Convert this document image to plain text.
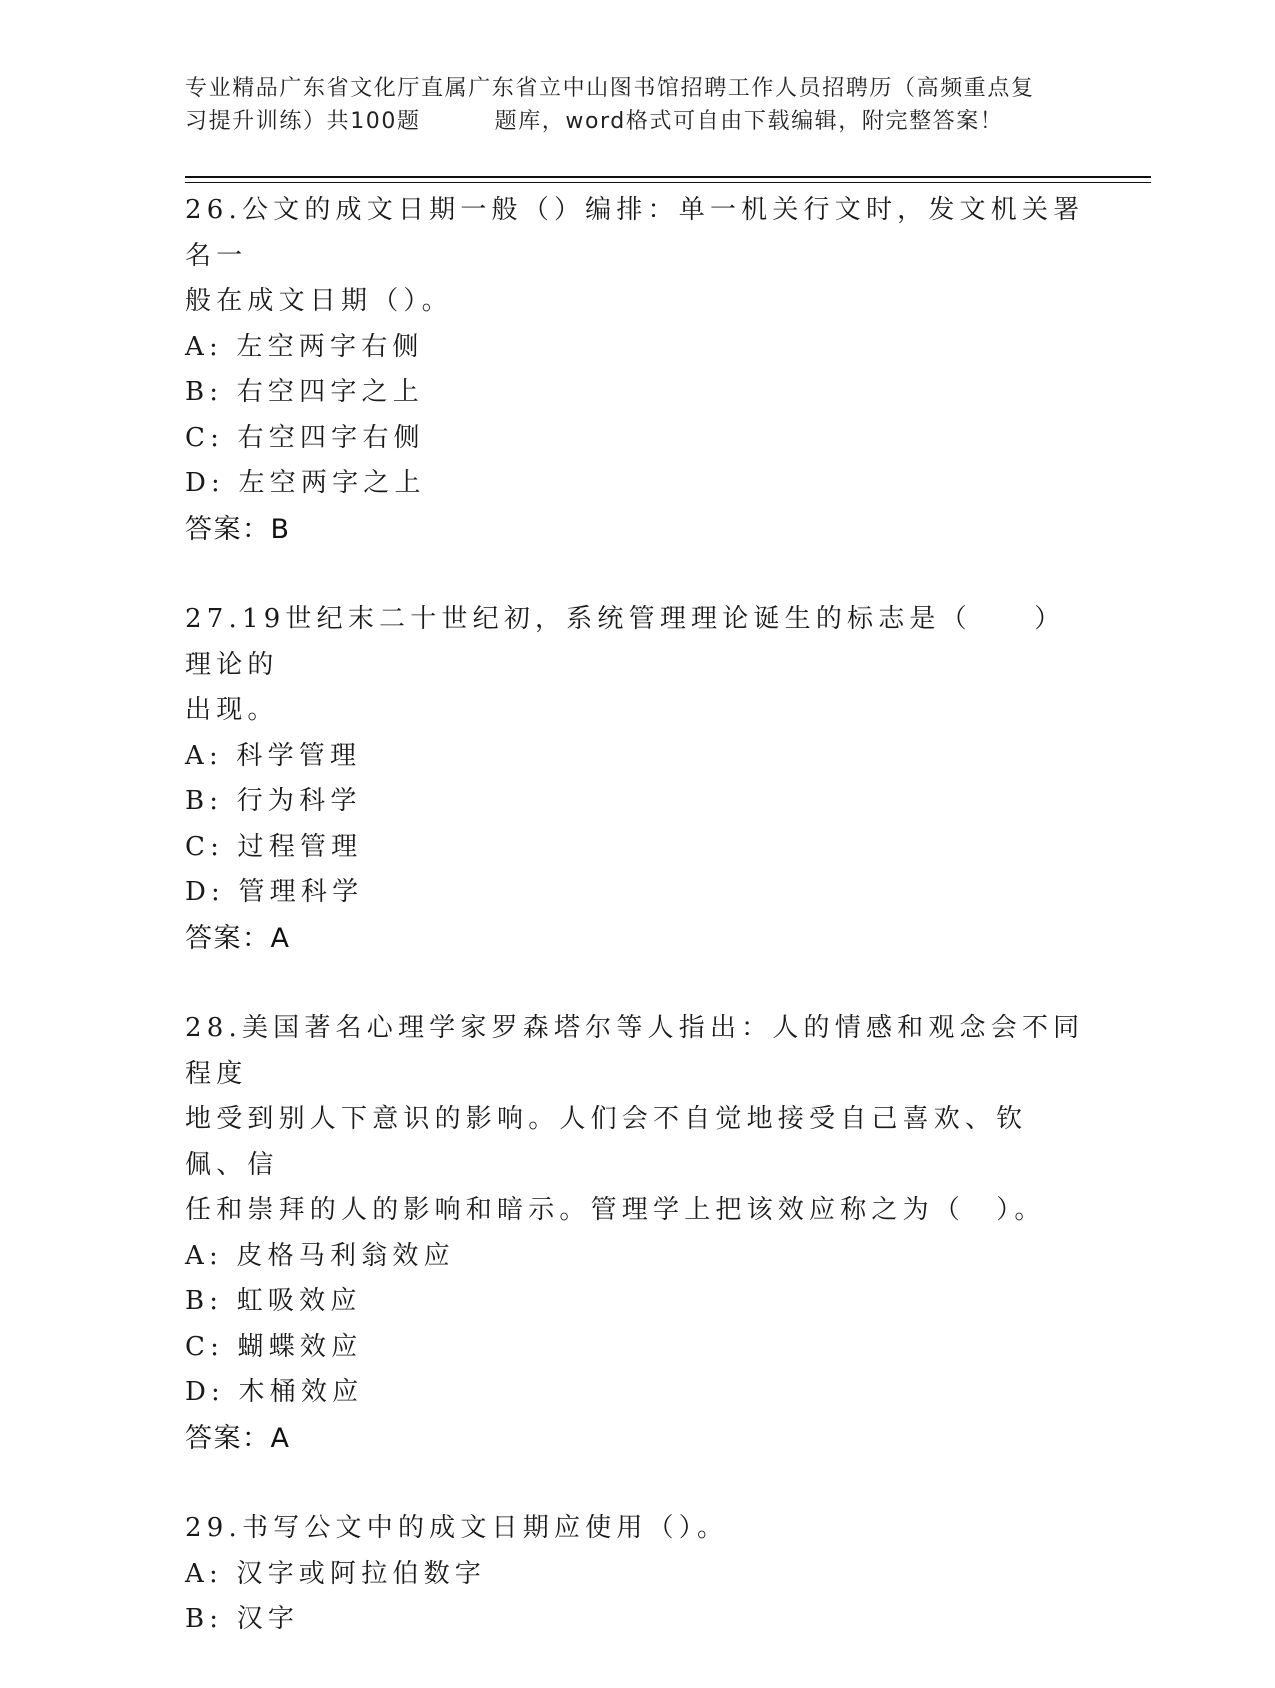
专业精品广东省文化厅直属广东省立中山图书馆招聘工作人员招聘历（高频重点复
习提升训练）共100题	题库，word格式可自由下载编辑，附完整答案！
26.公文的成文日期一般（）编排：单一机关行文时，发文机关署名一
般在成文日期（）。
A: 左空两字右侧
B: 右空四字之上
C: 右空四字右侧
D: 左空两字之上
答案：B
27.19世纪末二十世纪初，系统管理理论诞生的标志是（　　）理论的
出现。
A: 科学管理
B: 行为科学
C: 过程管理
D: 管理科学
答案：A
28.美国著名心理学家罗森塔尔等人指出：人的情感和观念会不同程度
地受到别人下意识的影响。人们会不自觉地接受自己喜欢、钦佩、信
任和崇拜的人的影响和暗示。管理学上把该效应称之为（　）。
A: 皮格马利翁效应
B: 虹吸效应
C: 蝴蝶效应
D: 木桶效应
答案：A
29.书写公文中的成文日期应使用（）。
A: 汉字或阿拉伯数字
B: 汉字
